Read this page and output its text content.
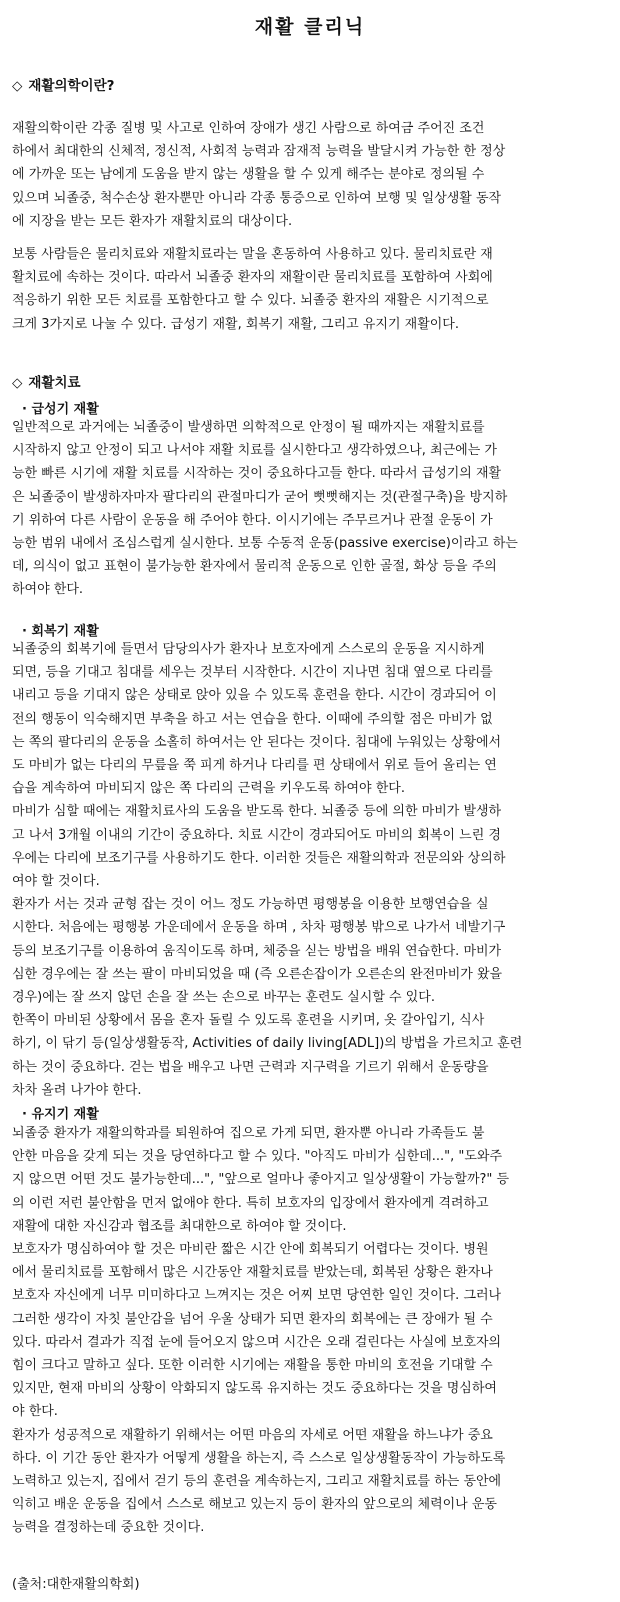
재활 클리닉
◇ 재활의학이란?
재활의학이란 각종 질병 및 사고로 인하여 장애가 생긴 사람으로 하여금 주어진 조건
하에서 최대한의 신체적, 정신적, 사회적 능력과 잠재적 능력을 발달시켜 가능한 한 정상
에 가까운 또는 남에게 도움을 받지 않는 생활을 할 수 있게 해주는 분야로 정의될 수
있으며 뇌졸중, 척수손상 환자뿐만 아니라 각종 통증으로 인하여 보행 및 일상생활 동작
에 지장을 받는 모든 환자가 재활치료의 대상이다.
보통 사람들은 물리치료와 재활치료라는 말을 혼동하여 사용하고 있다. 물리치료란 재
활치료에 속하는 것이다. 따라서 뇌졸중 환자의 재활이란 물리치료를 포함하여 사회에
적응하기 위한 모든 치료를 포함한다고 할 수 있다. 뇌졸중 환자의 재활은 시기적으로
크게 3가지로 나눌 수 있다. 급성기 재활, 회복기 재활, 그리고 유지기 재활이다.
◇ 재활치료
· 급성기 재활
일반적으로 과거에는 뇌졸중이 발생하면 의학적으로 안정이 될 때까지는 재활치료를
시작하지 않고 안정이 되고 나서야 재활 치료를 실시한다고 생각하였으나, 최근에는 가
능한 빠른 시기에 재활 치료를 시작하는 것이 중요하다고들 한다. 따라서 급성기의 재활
은 뇌졸중이 발생하자마자 팔다리의 관절마디가 굳어 뻣뻣해지는 것(관절구축)을 방지하
기 위하여 다른 사람이 운동을 해 주어야 한다. 이시기에는 주무르거나 관절 운동이 가
능한 범위 내에서 조심스럽게 실시한다. 보통 수동적 운동(passive exercise)이라고 하는
데, 의식이 없고 표현이 불가능한 환자에서 물리적 운동으로 인한 골절, 화상 등을 주의
하여야 한다.
· 회복기 재활
뇌졸중의 회복기에 들면서 담당의사가 환자나 보호자에게 스스로의 운동을 지시하게
되면, 등을 기대고 침대를 세우는 것부터 시작한다. 시간이 지나면 침대 옆으로 다리를
내리고 등을 기대지 않은 상태로 앉아 있을 수 있도록 훈련을 한다. 시간이 경과되어 이
전의 행동이 익숙해지면 부축을 하고 서는 연습을 한다. 이때에 주의할 점은 마비가 없
는 쪽의 팔다리의 운동을 소홀히 하여서는 안 된다는 것이다. 침대에 누워있는 상황에서
도 마비가 없는 다리의 무릎을 쭉 피게 하거나 다리를 편 상태에서 위로 들어 올리는 연
습을 계속하여 마비되지 않은 쪽 다리의 근력을 키우도록 하여야 한다.
마비가 심할 때에는 재활치료사의 도움을 받도록 한다. 뇌졸중 등에 의한 마비가 발생하
고 나서 3개월 이내의 기간이 중요하다. 치료 시간이 경과되어도 마비의 회복이 느린 경
우에는 다리에 보조기구를 사용하기도 한다. 이러한 것들은 재활의학과 전문의와 상의하
여야 할 것이다.
환자가 서는 것과 균형 잡는 것이 어느 정도 가능하면 평행봉을 이용한 보행연습을 실
시한다. 처음에는 평행봉 가운데에서 운동을 하며 , 차차 평행봉 밖으로 나가서 네발기구
등의 보조기구를 이용하여 움직이도록 하며, 체중을 싣는 방법을 배워 연습한다. 마비가
심한 경우에는 잘 쓰는 팔이 마비되었을 때 (즉 오른손잡이가 오른손의 완전마비가 왔을
경우)에는 잘 쓰지 않던 손을 잘 쓰는 손으로 바꾸는 훈련도 실시할 수 있다.
한쪽이 마비된 상황에서 몸을 혼자 돌릴 수 있도록 훈련을 시키며, 옷 갈아입기, 식사
하기, 이 닦기 등(일상생활동작, Activities of daily living[ADL])의 방법을 가르치고 훈련
하는 것이 중요하다. 걷는 법을 배우고 나면 근력과 지구력을 기르기 위해서 운동량을
차차 올려 나가야 한다.
· 유지기 재활
뇌졸중 환자가 재활의학과를 퇴원하여 집으로 가게 되면, 환자뿐 아니라 가족들도 불
안한 마음을 갖게 되는 것을 당연하다고 할 수 있다. "아직도 마비가 심한데...", "도와주
지 않으면 어떤 것도 불가능한데...", "앞으로 얼마나 좋아지고 일상생활이 가능할까?" 등
의 이런 저런 불안함을 먼저 없애야 한다. 특히 보호자의 입장에서 환자에게 격려하고
재활에 대한 자신감과 협조를 최대한으로 하여야 할 것이다.
보호자가 명심하여야 할 것은 마비란 짧은 시간 안에 회복되기 어렵다는 것이다. 병원
에서 물리치료를 포함해서 많은 시간동안 재활치료를 받았는데, 회복된 상황은 환자나
보호자 자신에게 너무 미미하다고 느껴지는 것은 어찌 보면 당연한 일인 것이다. 그러나
그러한 생각이 자칫 불안감을 넘어 우울 상태가 되면 환자의 회복에는 큰 장애가 될 수
있다. 따라서 결과가 직접 눈에 들어오지 않으며 시간은 오래 걸린다는 사실에 보호자의
힘이 크다고 말하고 싶다. 또한 이러한 시기에는 재활을 통한 마비의 호전을 기대할 수
있지만, 현재 마비의 상황이 악화되지 않도록 유지하는 것도 중요하다는 것을 명심하여
야 한다.
환자가 성공적으로 재활하기 위해서는 어떤 마음의 자세로 어떤 재활을 하느냐가 중요
하다. 이 기간 동안 환자가 어떻게 생활을 하는지, 즉 스스로 일상생활동작이 가능하도록
노력하고 있는지, 집에서 걷기 등의 훈련을 계속하는지, 그리고 재활치료를 하는 동안에
익히고 배운 운동을 집에서 스스로 해보고 있는지 등이 환자의 앞으로의 체력이나 운동
능력을 결정하는데 중요한 것이다.
(출처:대한재활의학회)
